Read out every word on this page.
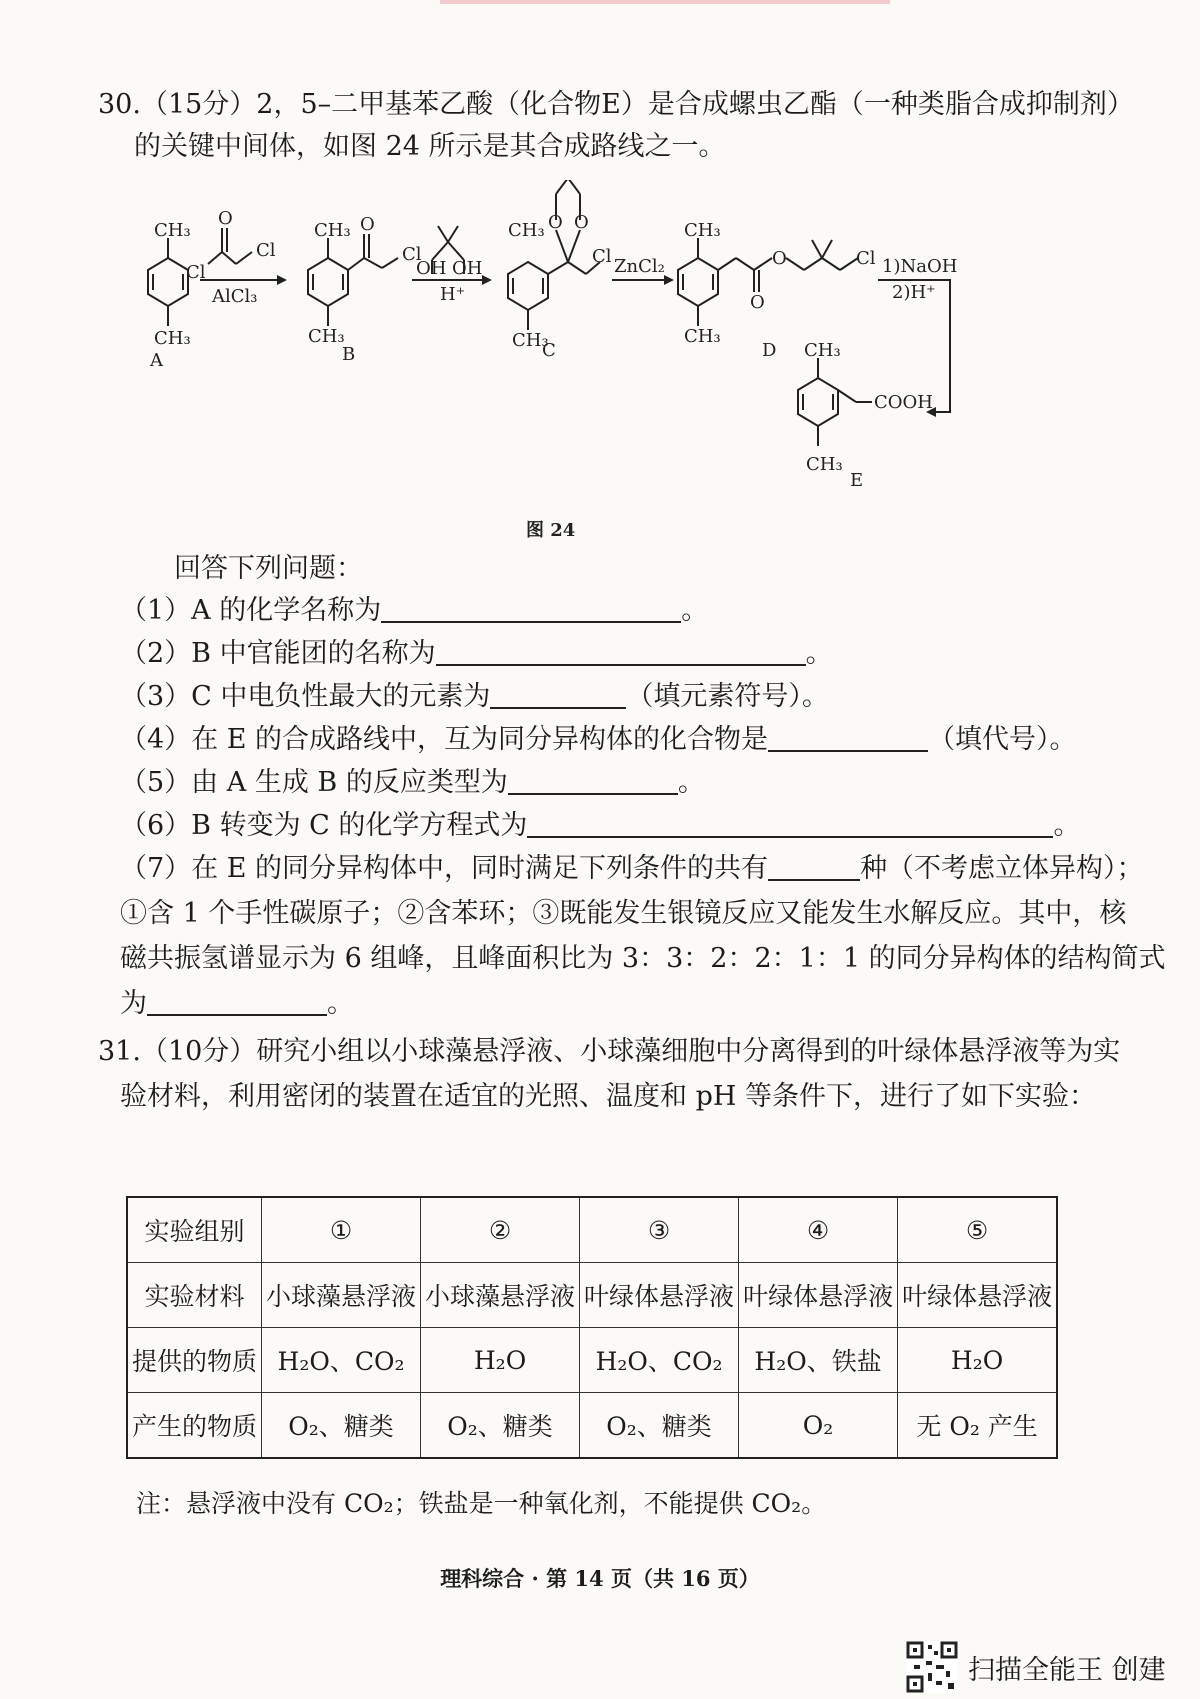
30.（15分）2，5–二甲基苯乙酸（化合物E）是合成螺虫乙酯（一种类脂合成抑制剂）
的关键中间体，如图 24 所示是其合成路线之一。
CH₃
CH₃
A
Cl
O
Cl
AlCl₃
CH₃
CH₃
O
Cl
B
OH OH
H⁺
CH₃ O O
Cl
CH₃
C
ZnCl₂
CH₃
CH₃
O
O	Cl
D
1)NaOH
2)H⁺
CH₃
COOH
CH₃
E
图 24
回答下列问题：
（1）A 的化学名称为	。
（2）B 中官能团的名称为	。
（3）C 中电负性最大的元素为	（填元素符号）。
（4）在 E 的合成路线中，互为同分异构体的化合物是	（填代号）。
（5）由 A 生成 B 的反应类型为	。
（6）B 转变为 C 的化学方程式为	。
（7）在 E 的同分异构体中，同时满足下列条件的共有	种（不考虑立体异构）；
①含 1 个手性碳原子；②含苯环；③既能发生银镜反应又能发生水解反应。其中，核
磁共振氢谱显示为 6 组峰，且峰面积比为 3：3：2：2：1：1 的同分异构体的结构简式
为	。
31.（10分）研究小组以小球藻悬浮液、小球藻细胞中分离得到的叶绿体悬浮液等为实
验材料，利用密闭的装置在适宜的光照、温度和 pH 等条件下，进行了如下实验：
实验组别	①	②	③	④	⑤
实验材料	小球藻悬浮液	小球藻悬浮液	叶绿体悬浮液	叶绿体悬浮液	叶绿体悬浮液
提供的物质	H₂O、CO₂	H₂O	H₂O、CO₂	H₂O、铁盐	H₂O
产生的物质	O₂、糖类	O₂、糖类	O₂、糖类	O₂	无 O₂ 产生
注：悬浮液中没有 CO₂；铁盐是一种氧化剂，不能提供 CO₂。
理科综合 · 第 14 页（共 16 页）
扫描全能王 创建
